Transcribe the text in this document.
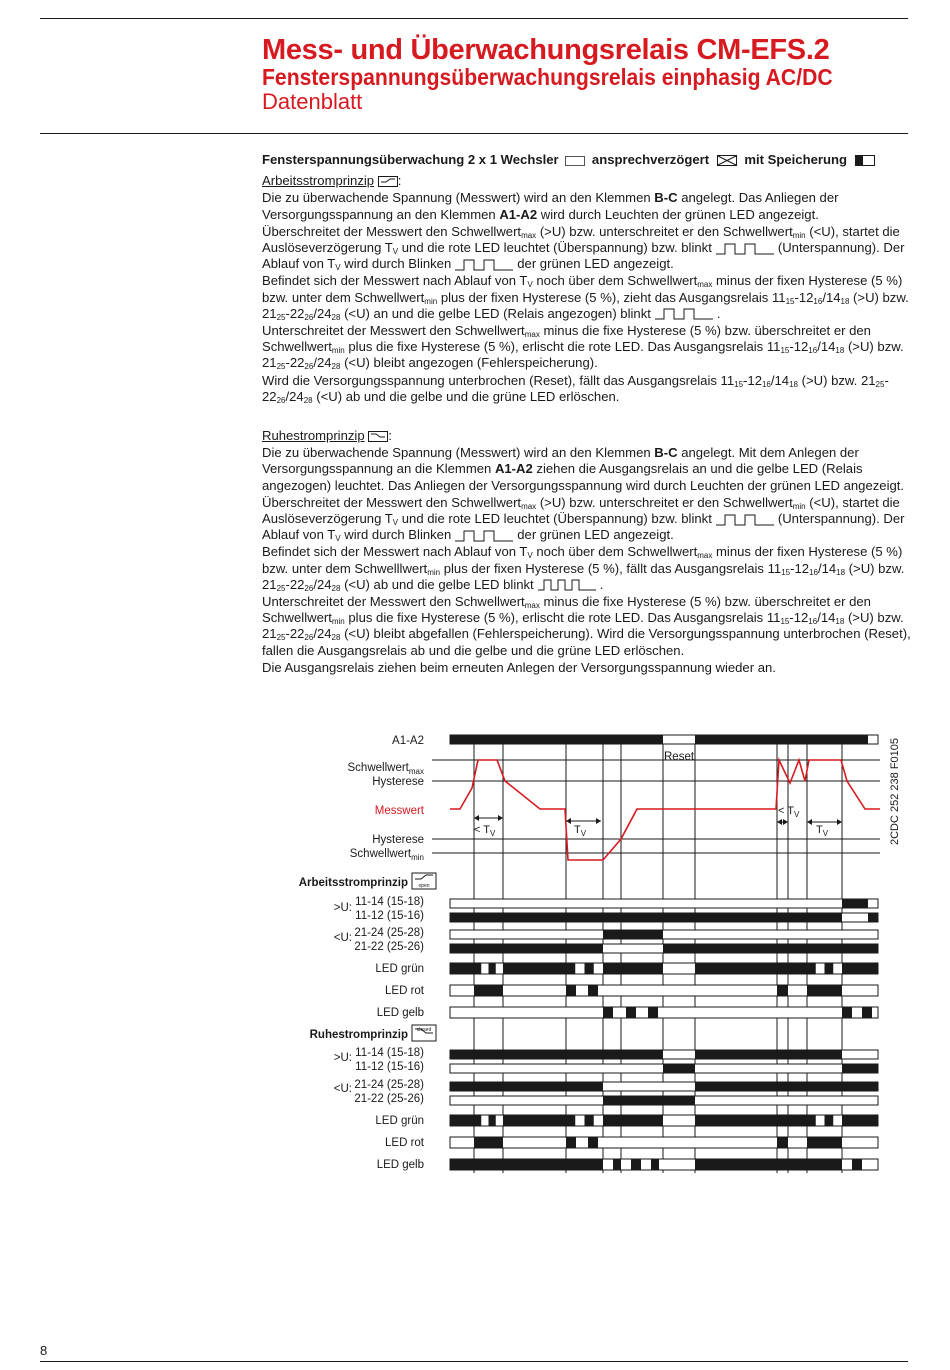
Mess- und Überwachungsrelais CM-EFS.2
Fensterspannungsüberwachungsrelais einphasig AC/DC
Datenblatt

Fensterspannungsüberwachung 2 x 1 Wechsler	ansprechverzögert	mit Speicherung

Arbeitsstromprinzip :

Die zu überwachende Spannung (Messwert) wird an den Klemmen B-C angelegt. Das Anliegen der Versorgungsspannung an den Klemmen A1-A2 wird durch Leuchten der grünen LED angezeigt.

Überschreitet der Messwert den Schwellwert$_{max}$ (>U) bzw. unterschreitet er den Schwellwert$_{min}$ (<U), startet die Auslöseverzögerung $T_V$ und die rote LED leuchtet (Überspannung) bzw. blinkt	(Unterspannung). Der Ablauf von $T_V$ wird durch Blinken	der grünen LED angezeigt.

Befindet sich der Messwert nach Ablauf von $T_V$ noch über dem Schwellwert$_{max}$ minus der fixen Hysterese (5 %) bzw. unter dem Schwellwert$_{min}$ plus der fixen Hysterese (5 %), zieht das Ausgangsrelais $11_{15}-12_{16}/14_{18}$ (>U) bzw. $21_{25}-22_{26}/24_{28}$ (<U) an und die gelbe LED (Relais angezogen) blinkt	.

Unterschreitet der Messwert den Schwellwert$_{max}$ minus die fixe Hysterese (5 %) bzw. überschreitet er den Schwellwert$_{min}$ plus die fixe Hysterese (5 %), erlischt die rote LED. Das Ausgangsrelais $11_{15}-12_{16}/14_{18}$ (>U) bzw. $21_{25}-22_{26}/24_{28}$ (<U) bleibt angezogen (Fehlerspeicherung).

Wird die Versorgungsspannung unterbrochen (Reset), fällt das Ausgangsrelais $11_{15}-12_{16}/14_{18}$ (>U) bzw. $21_{25}-22_{26}/24_{28}$ (<U) ab und die gelbe und die grüne LED erlöschen.

Ruhestromprinzip :

Die zu überwachende Spannung (Messwert) wird an den Klemmen B-C angelegt. Mit dem Anlegen der Versorgungsspannung an die Klemmen A1-A2 ziehen die Ausgangsrelais an und die gelbe LED (Relais angezogen) leuchtet. Das Anliegen der Versorgungsspannung wird durch Leuchten der grünen LED angezeigt.

Überschreitet der Messwert den Schwellwert$_{max}$ (>U) bzw. unterschreitet er den Schwellwert$_{min}$ (<U), startet die Auslöseverzögerung $T_V$ und die rote LED leuchtet (Überspannung) bzw. blinkt	(Unterspannung). Der Ablauf von $T_V$ wird durch Blinken	der grünen LED angezeigt.

Befindet sich der Messwert nach Ablauf von $T_V$ noch über dem Schwellwert$_{max}$ minus der fixen Hysterese (5 %) bzw. unter dem Schwelllwert$_{min}$ plus der fixen Hysterese (5 %), fällt das Ausgangsrelais $11_{15}-12_{16}/14_{18}$ (>U) bzw. $21_{25}-22_{26}/24_{28}$ (<U) ab und die gelbe LED blinkt	.

Unterschreitet der Messwert den Schwellwert$_{max}$ minus die fixe Hysterese (5 %) bzw. überschreitet er den Schwellwert$_{min}$ plus die fixe Hysterese (5 %), erlischt die rote LED. Das Ausgangsrelais $11_{15}-12_{16}/14_{18}$ (>U) bzw. $21_{25}-22_{26}/24_{28}$ (<U) bleibt abgefallen (Fehlerspeicherung). Wird die Versorgungsspannung unterbrochen (Reset), fallen die Ausgangsrelais ab und die gelbe und die grüne LED erlöschen.

Die Ausgangsrelais ziehen beim erneuten Anlegen der Versorgungsspannung wieder an.

A1-A2
Schwellwert$_{max}$
Hysterese
Messwert
Hysterese
Schwellwert$_{min}$
Arbeitsstromprinzip
>U: 11-14 (15-18)
11-12 (15-16)
<U: 21-24 (25-28)
21-22 (25-26)
LED grün
LED rot
LED gelb
Ruhestromprinzip
>U: 11-14 (15-18)
11-12 (15-16)
<U: 21-24 (25-28)
21-22 (25-26)
LED grün
LED rot
LED gelb
open
closed
Reset
< $T_V$	$T_V$
< $T_V$
$T_V$	2CDC 252 238 F0105
8
